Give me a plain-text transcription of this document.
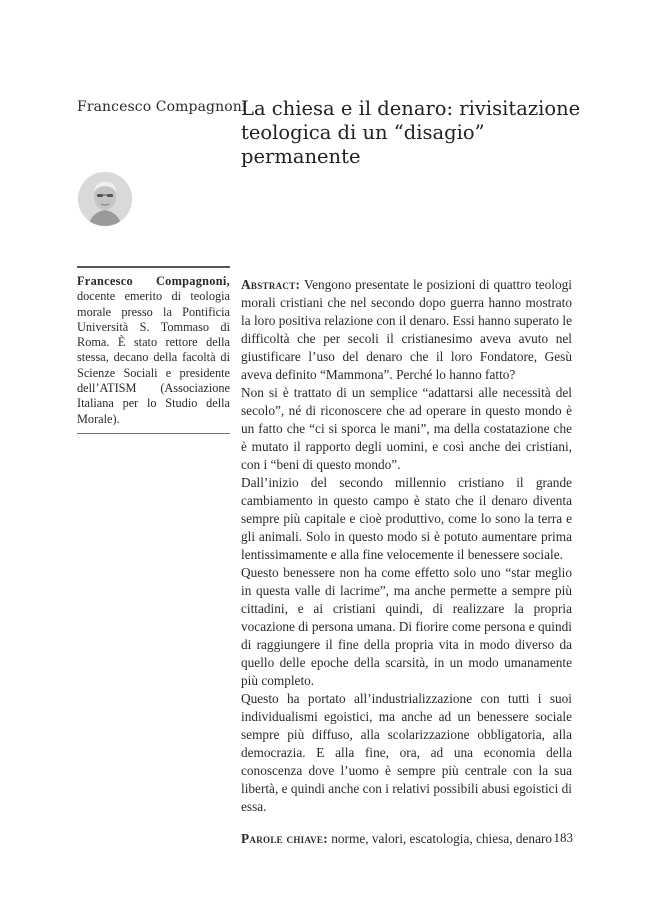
Francesco Compagnoni
La chiesa e il denaro: rivisitazione teologica di un “disagio” permanente
Francesco Compagnoni, docente emerito di teologia morale presso la Pontificia Università S. Tommaso di Roma. È stato rettore della stessa, decano della facoltà di Scienze Sociali e presidente dell’ATISM (Associazione Italiana per lo Studio della Morale).

Abstract: Vengono presentate le posizioni di quattro teologi morali cristiani che nel secondo dopo guerra hanno mostrato la loro positiva relazione con il denaro. Essi hanno superato le difficoltà che per secoli il cristianesimo aveva avuto nel giustificare l’uso del denaro che il loro Fondatore, Gesù aveva definito “Mammona”. Perché lo hanno fatto?

Non si è trattato di un semplice “adattarsi alle necessità del secolo”, né di riconoscere che ad operare in questo mondo è un fatto che “ci si sporca le mani”, ma della costatazione che è mutato il rapporto degli uomini, e così anche dei cristiani, con i “beni di questo mondo”.

Dall’inizio del secondo millennio cristiano il grande cambiamento in questo campo è stato che il denaro diventa sempre più capitale e cioè produttivo, come lo sono la terra e gli animali. Solo in questo modo si è potuto aumentare prima lentissimamente e alla fine velocemente il benessere sociale.

Questo benessere non ha come effetto solo uno “star meglio in questa valle di lacrime”, ma anche permette a sempre più cittadini, e ai cristiani quindi, di realizzare la propria vocazione di persona umana. Di fiorire come persona e quindi di raggiungere il fine della propria vita in modo diverso da quello delle epoche della scarsità, in un modo umanamente più completo.

Questo ha portato all’industrializzazione con tutti i suoi individualismi egoistici, ma anche ad un benessere sociale sempre più diffuso, alla scolarizzazione obbligatoria, alla democrazia. E alla fine, ora, ad una economia della conoscenza dove l’uomo è sempre più centrale con la sua libertà, e quindi anche con i relativi possibili abusi egoistici di essa.

Parole chiave: norme, valori, escatologia, chiesa, denaro 183
